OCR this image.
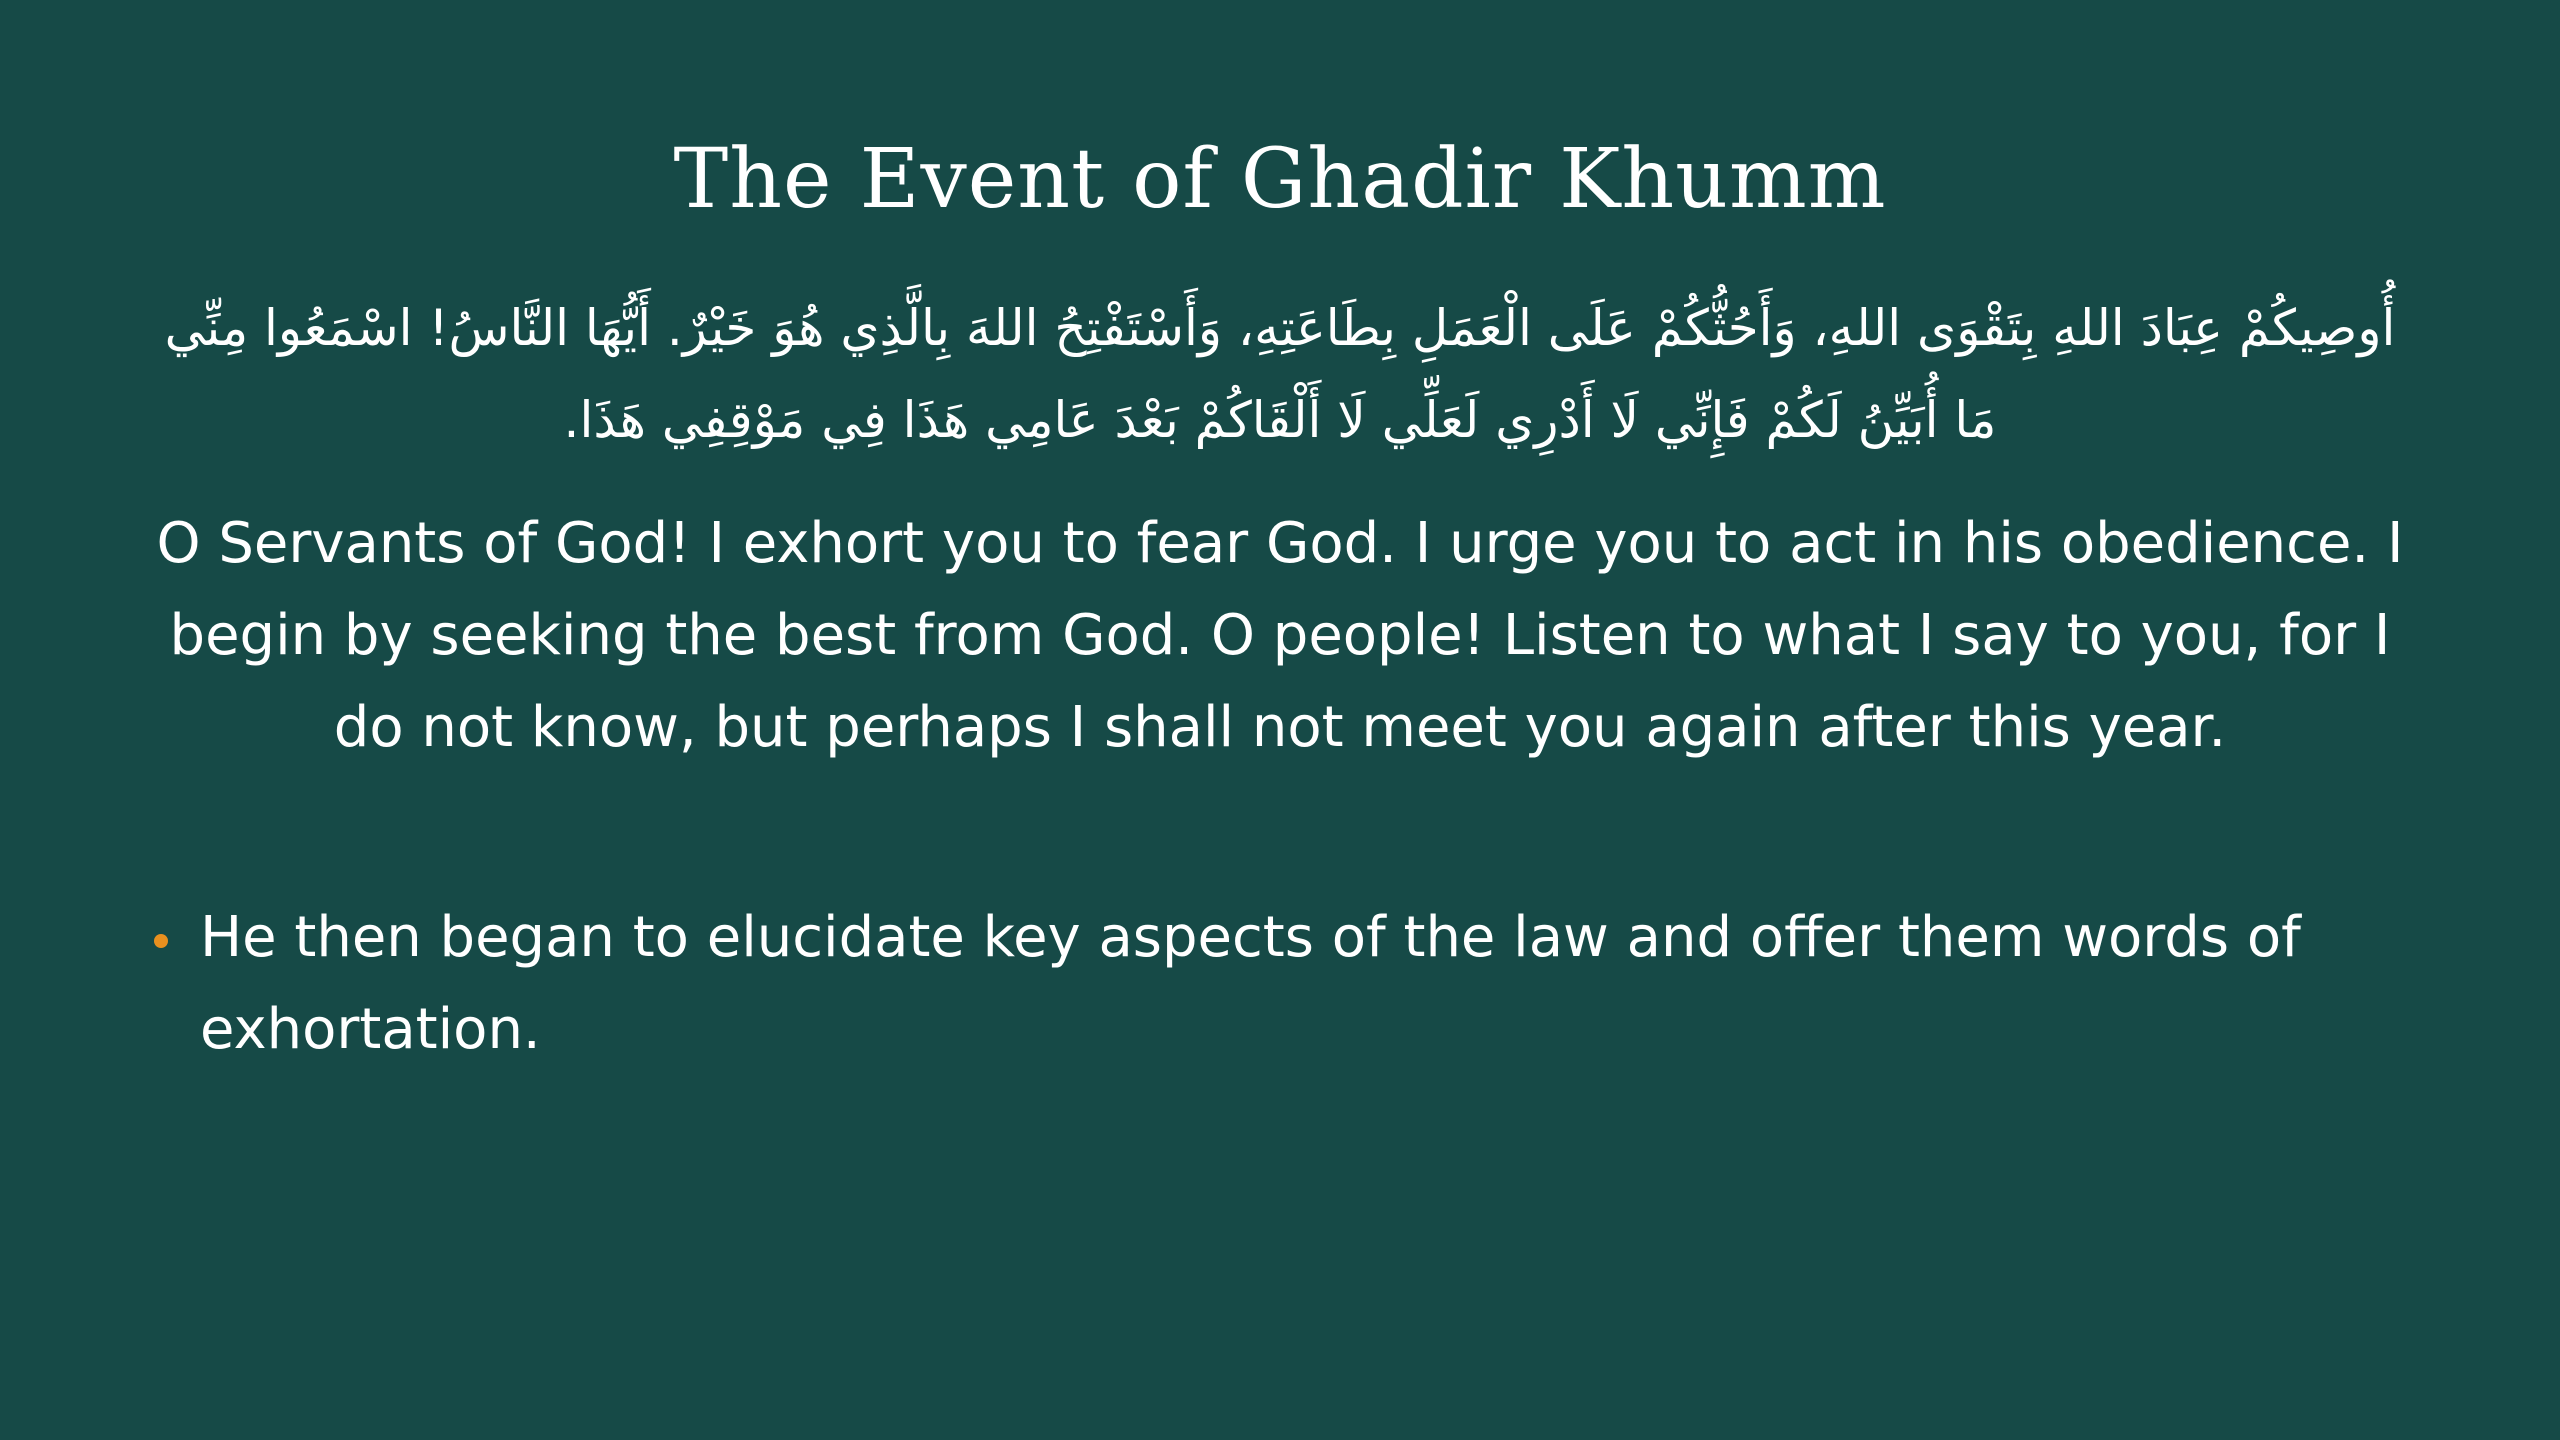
The Event of Ghadir Khumm

أُوصِيكُمْ عِبَادَ اللهِ بِتَقْوَى اللهِ، وَأَحُثُّكُمْ عَلَى الْعَمَلِ بِطَاعَتِهِ، وَأَسْتَفْتِحُ اللهَ بِالَّذِي هُوَ خَيْرٌ. أَيُّهَا النَّاسُ! اسْمَعُوا مِنِّي مَا أُبَيِّنُ لَكُمْ فَإِنِّي لَا أَدْرِي لَعَلِّي لَا أَلْقَاكُمْ بَعْدَ عَامِي هَذَا فِي مَوْقِفِي هَذَا.

O Servants of God! I exhort you to fear God. I urge you to act in his obedience. I begin by seeking the best from God. O people! Listen to what I say to you, for I do not know, but perhaps I shall not meet you again after this year.

He then began to elucidate key aspects of the law and offer them words of exhortation.
